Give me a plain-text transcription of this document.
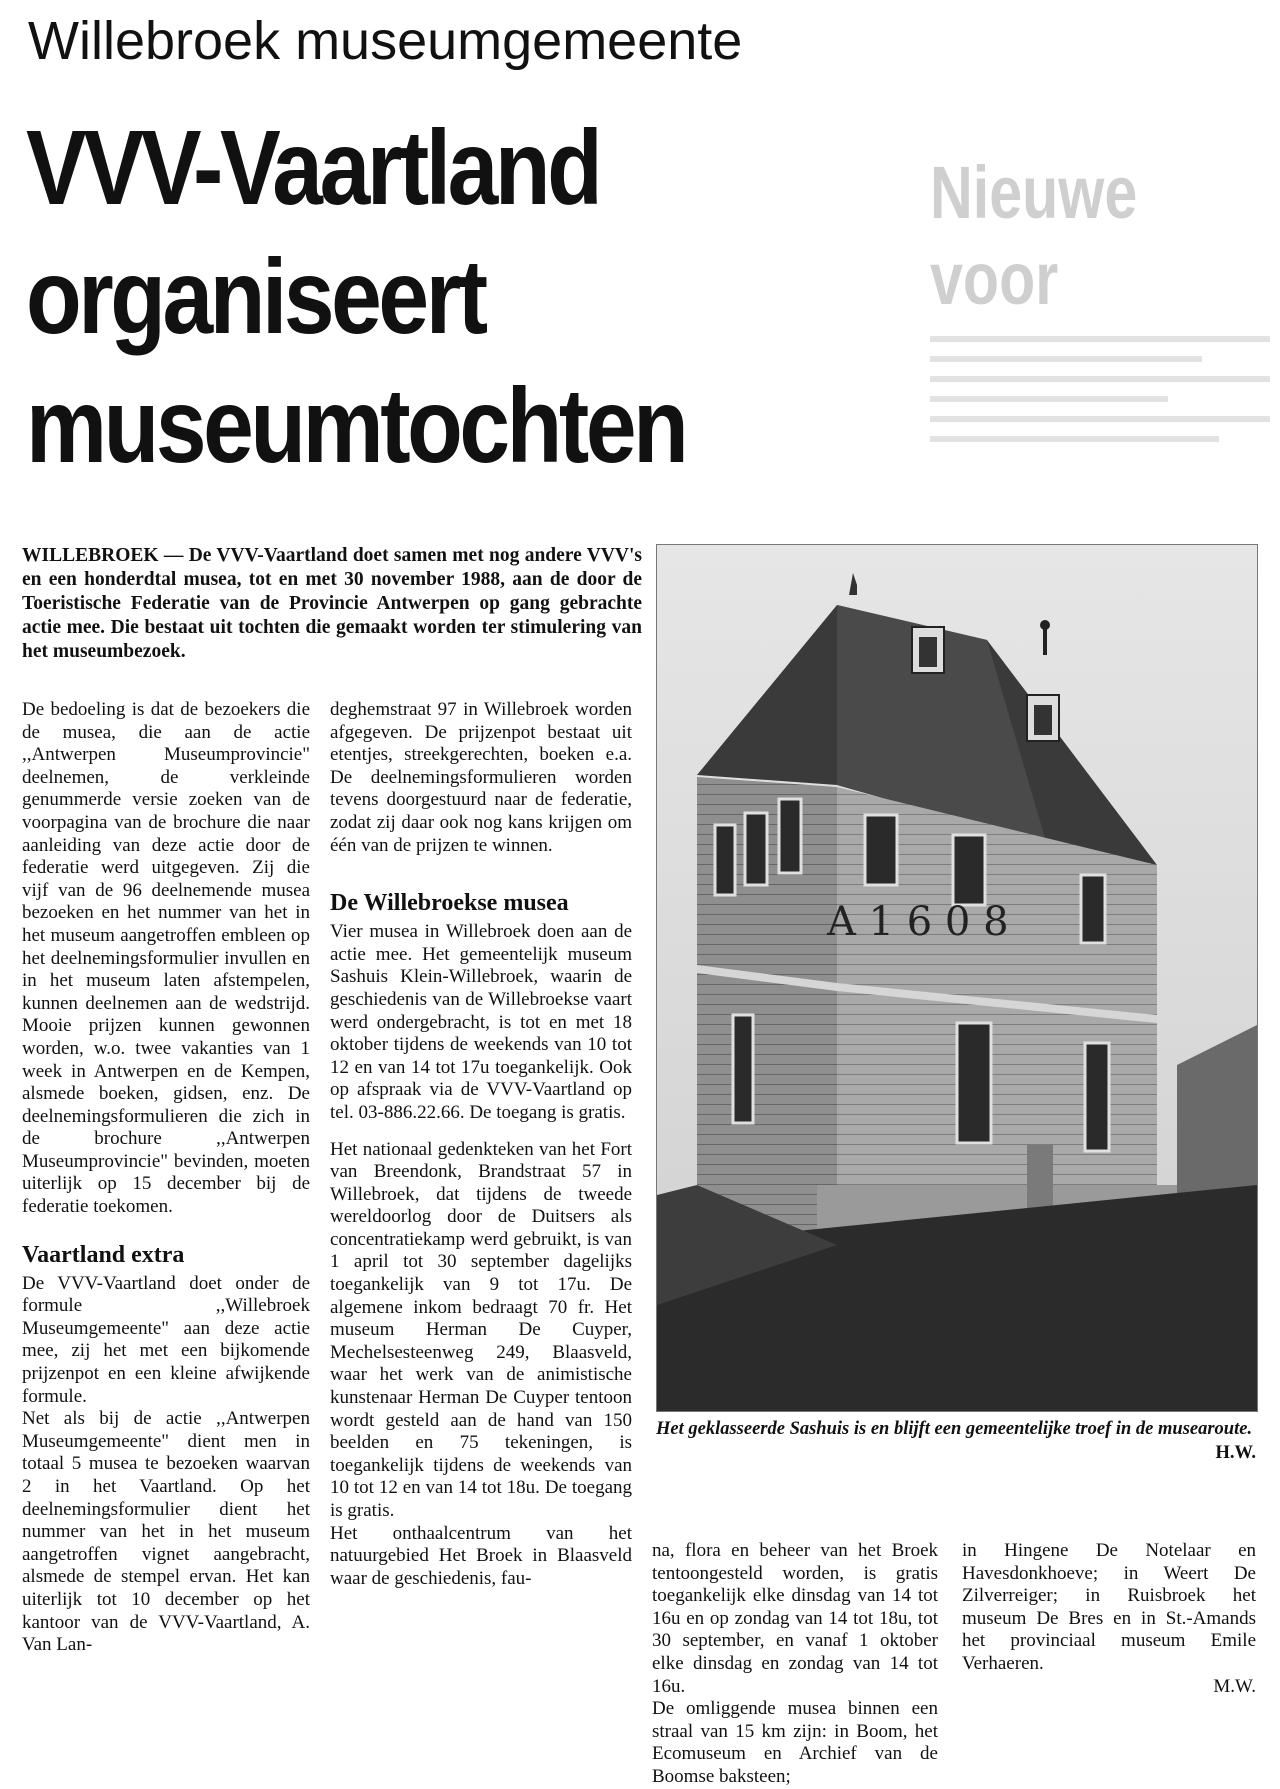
Nieuwe
voor
Willebroek museumgemeente
VVV-Vaartland
organiseert
museumtochten

WILLEBROEK — De VVV-Vaartland doet samen met nog andere VVV's en een honderdtal musea, tot en met 30 november 1988, aan de door de Toeristische Federatie van de Provincie Antwerpen op gang gebrachte actie mee. Die bestaat uit tochten die gemaakt worden ter stimulering van het museumbezoek.

De bedoeling is dat de bezoekers die de musea, die aan de actie ,,Antwerpen Museumprovincie" deelnemen, de verkleinde genummerde versie zoeken van de voorpagina van de brochure die naar aanleiding van deze actie door de federatie werd uitgegeven. Zij die vijf van de 96 deelnemende musea bezoeken en het nummer van het in het museum aangetroffen embleen op het deelnemingsformulier invullen en in het museum laten afstempelen, kunnen deelnemen aan de wedstrijd. Mooie prijzen kunnen gewonnen worden, w.o. twee vakanties van 1 week in Antwerpen en de Kempen, alsmede boeken, gidsen, enz. De deelnemingsformulieren die zich in de brochure ,,Antwerpen Museumprovincie" bevinden, moeten uiterlijk op 15 december bij de federatie toekomen.

Vaartland extra

De VVV-Vaartland doet onder de formule ,,Willebroek Museumgemeente" aan deze actie mee, zij het met een bijkomende prijzenpot en een kleine afwijkende formule.

Net als bij de actie ,,Antwerpen Museumgemeente" dient men in totaal 5 musea te bezoeken waarvan 2 in het Vaartland. Op het deelnemingsformulier dient het nummer van het in het museum aangetroffen vignet aangebracht, alsmede de stempel ervan. Het kan uiterlijk tot 10 december op het kantoor van de VVV-Vaartland, A. Van Lan-

deghemstraat 97 in Willebroek worden afgegeven. De prijzenpot bestaat uit etentjes, streekgerechten, boeken e.a. De deelnemingsformulieren worden tevens doorgestuurd naar de federatie, zodat zij daar ook nog kans krijgen om één van de prijzen te winnen.

De Willebroekse musea

Vier musea in Willebroek doen aan de actie mee. Het gemeentelijk museum Sashuis Klein-Willebroek, waarin de geschiedenis van de Willebroekse vaart werd ondergebracht, is tot en met 18 oktober tijdens de weekends van 10 tot 12 en van 14 tot 17u toegankelijk. Ook op afspraak via de VVV-Vaartland op tel. 03-886.22.66. De toegang is gratis.

Het nationaal gedenkteken van het Fort van Breendonk, Brandstraat 57 in Willebroek, dat tijdens de tweede wereldoorlog door de Duitsers als concentratiekamp werd gebruikt, is van 1 april tot 30 september dagelijks toegankelijk van 9 tot 17u. De algemene inkom bedraagt 70 fr. Het museum Herman De Cuyper, Mechelsesteenweg 249, Blaasveld, waar het werk van de animistische kunstenaar Herman De Cuyper tentoon wordt gesteld aan de hand van 150 beelden en 75 tekeningen, is toegankelijk tijdens de weekends van 10 tot 12 en van 14 tot 18u. De toegang is gratis.

Het onthaalcentrum van het natuurgebied Het Broek in Blaasveld waar de geschiedenis, fau-

A 1 6 0 8

Het geklasseerde Sashuis is en blijft een gemeentelijke troef in de musearoute.
H.W.

na, flora en beheer van het Broek tentoongesteld worden, is gratis toegankelijk elke dinsdag van 14 tot 16u en op zondag van 14 tot 18u, tot 30 september, en vanaf 1 oktober elke dinsdag en zondag van 14 tot 16u.

De omliggende musea binnen een straal van 15 km zijn: in Boom, het Ecomuseum en Archief van de Boomse baksteen;

in Hingene De Notelaar en Havesdonkhoeve; in Weert De Zilverreiger; in Ruisbroek het museum De Bres en in St.-Amands het provinciaal museum Emile Verhaeren.

M.W.
